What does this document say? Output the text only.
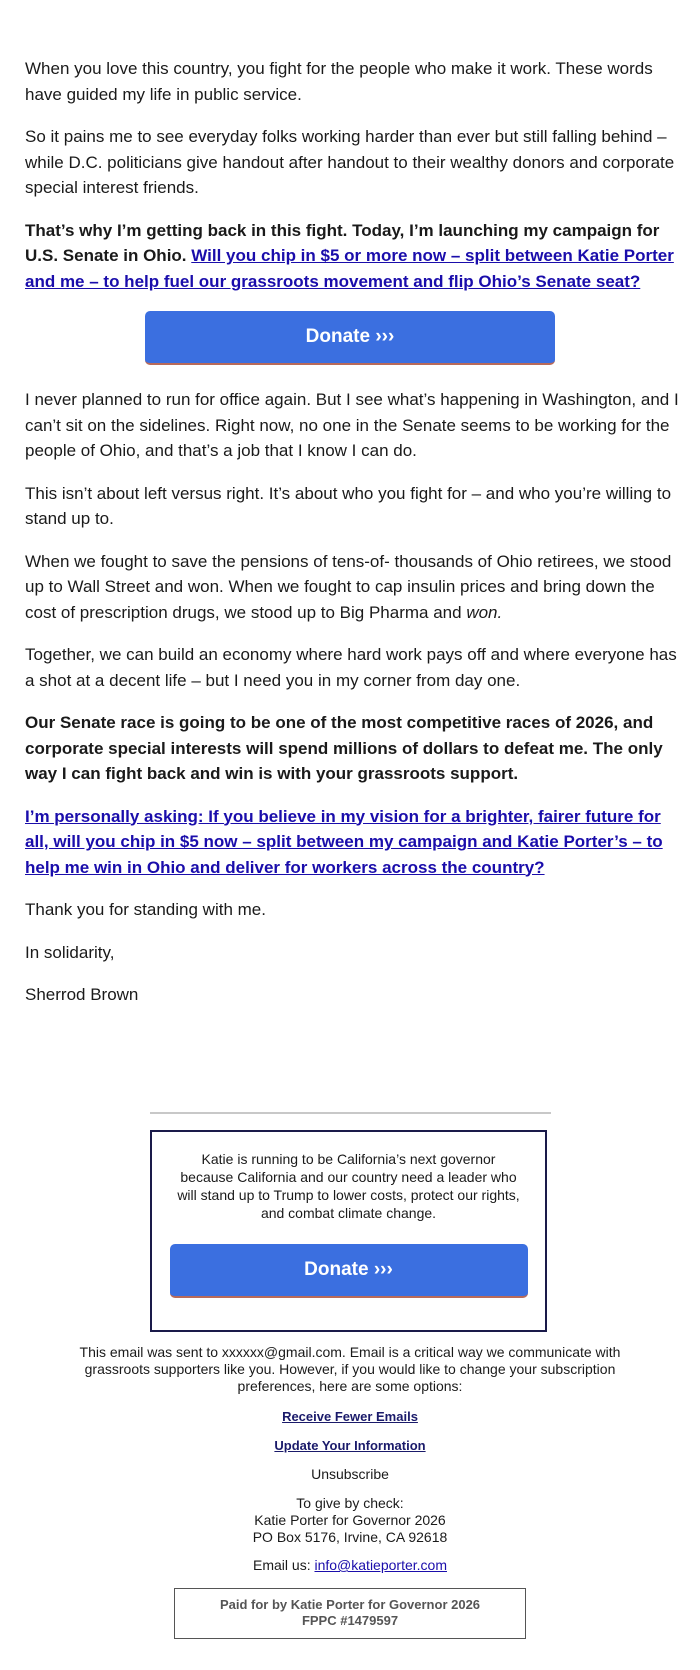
When you love this country, you fight for the people who make it work. These words have guided my life in public service.

So it pains me to see everyday folks working harder than ever but still falling behind – while D.C. politicians give handout after handout to their wealthy donors and corporate special interest friends.

That’s why I’m getting back in this fight. Today, I’m launching my campaign for U.S. Senate in Ohio. Will you chip in $5 or more now – split between Katie Porter and me – to help fuel our grassroots movement and flip Ohio’s Senate seat?

Donate ›››

I never planned to run for office again. But I see what’s happening in Washington, and I can’t sit on the sidelines. Right now, no one in the Senate seems to be working for the people of Ohio, and that’s a job that I know I can do.

This isn’t about left versus right. It’s about who you fight for – and who you’re willing to stand up to.

When we fought to save the pensions of tens-of- thousands of Ohio retirees, we stood up to Wall Street and won. When we fought to cap insulin prices and bring down the cost of prescription drugs, we stood up to Big Pharma and won.

Together, we can build an economy where hard work pays off and where everyone has a shot at a decent life – but I need you in my corner from day one.

Our Senate race is going to be one of the most competitive races of 2026, and corporate special interests will spend millions of dollars to defeat me. The only way I can fight back and win is with your grassroots support.

I’m personally asking: If you believe in my vision for a brighter, fairer future for all, will you chip in $5 now – split between my campaign and Katie Porter’s – to help me win in Ohio and deliver for workers across the country?

Thank you for standing with me.

In solidarity,

Sherrod Brown

Katie is running to be California’s next governor because California and our country need a leader who will stand up to Trump to lower costs, protect our rights, and combat climate change.

Donate ›››

This email was sent to xxxxxx@gmail.com. Email is a critical way we communicate with grassroots supporters like you. However, if you would like to change your subscription preferences, here are some options:

Receive Fewer Emails

Update Your Information

Unsubscribe

To give by check:

Katie Porter for Governor 2026

PO Box 5176, Irvine, CA 92618

Email us: info@katieporter.com

Paid for by Katie Porter for Governor 2026
FPPC #1479597
